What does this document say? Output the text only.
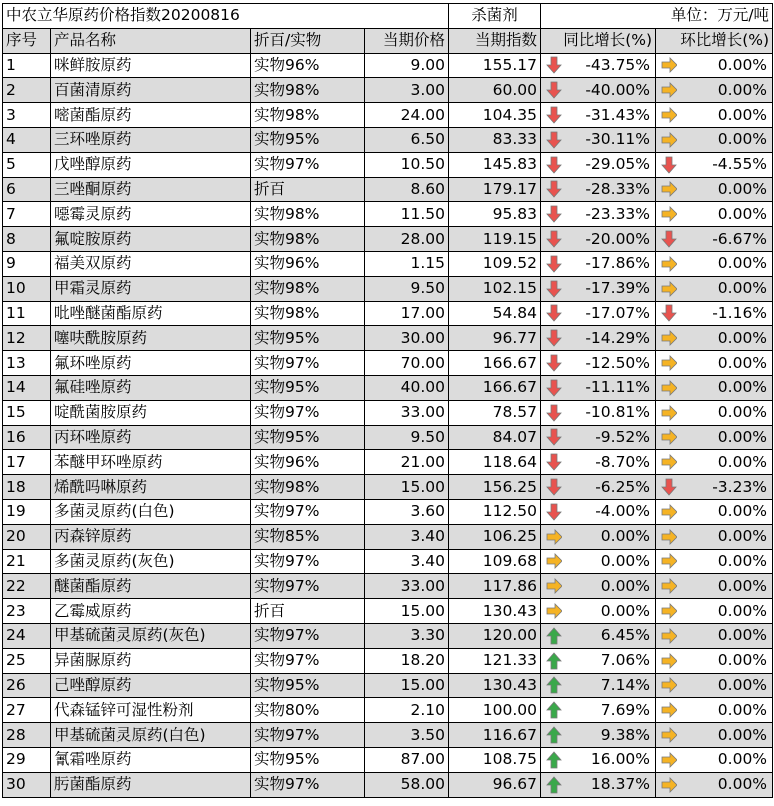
中农立华原药价格指数20200816				杀菌剂	单位：万元/吨	
序号	产品名称	折百/实物	当期价格	当期指数	同比增长(%)	环比增长(%)
1	咪鲜胺原药	实物96%	9.00	155.17	-43.75%	0.00%

2	百菌清原药	实物98%	3.00	60.00	-40.00%	0.00%

3	嘧菌酯原药	实物98%	24.00	104.35	-31.43%	0.00%

4	三环唑原药	实物95%	6.50	83.33	-30.11%	0.00%

5	戊唑醇原药	实物97%	10.50	145.83	-29.05%	-4.55%

6	三唑酮原药	折百	8.60	179.17	-28.33%	0.00%

7	噁霉灵原药	实物98%	11.50	95.83	-23.33%	0.00%

8	氟啶胺原药	实物98%	28.00	119.15	-20.00%	-6.67%

9	福美双原药	实物96%	1.15	109.52	-17.86%	0.00%

10	甲霜灵原药	实物98%	9.50	102.15	-17.39%	0.00%

11	吡唑醚菌酯原药	实物98%	17.00	54.84	-17.07%	-1.16%

12	噻呋酰胺原药	实物95%	30.00	96.77	-14.29%	0.00%

13	氟环唑原药	实物97%	70.00	166.67	-12.50%	0.00%

14	氟硅唑原药	实物95%	40.00	166.67	-11.11%	0.00%

15	啶酰菌胺原药	实物97%	33.00	78.57	-10.81%	0.00%

16	丙环唑原药	实物95%	9.50	84.07	-9.52%	0.00%

17	苯醚甲环唑原药	实物96%	21.00	118.64	-8.70%	0.00%

18	烯酰吗啉原药	实物98%	15.00	156.25	-6.25%	-3.23%

19	多菌灵原药(白色)	实物97%	3.60	112.50	-4.00%	0.00%

20	丙森锌原药	实物85%	3.40	106.25	0.00%	0.00%

21	多菌灵原药(灰色)	实物97%	3.40	109.68	0.00%	0.00%

22	醚菌酯原药	实物97%	33.00	117.86	0.00%	0.00%

23	乙霉威原药	折百	15.00	130.43	0.00%	0.00%

24	甲基硫菌灵原药(灰色)	实物97%	3.30	120.00	6.45%	0.00%

25	异菌脲原药	实物97%	18.20	121.33	7.06%	0.00%

26	己唑醇原药	实物95%	15.00	130.43	7.14%	0.00%

27	代森锰锌可湿性粉剂	实物80%	2.10	100.00	7.69%	0.00%

28	甲基硫菌灵原药(白色)	实物97%	3.50	116.67	9.38%	0.00%

29	氰霜唑原药	实物95%	87.00	108.75	16.00%	0.00%

30	肟菌酯原药	实物97%	58.00	96.67	18.37%	0.00%
